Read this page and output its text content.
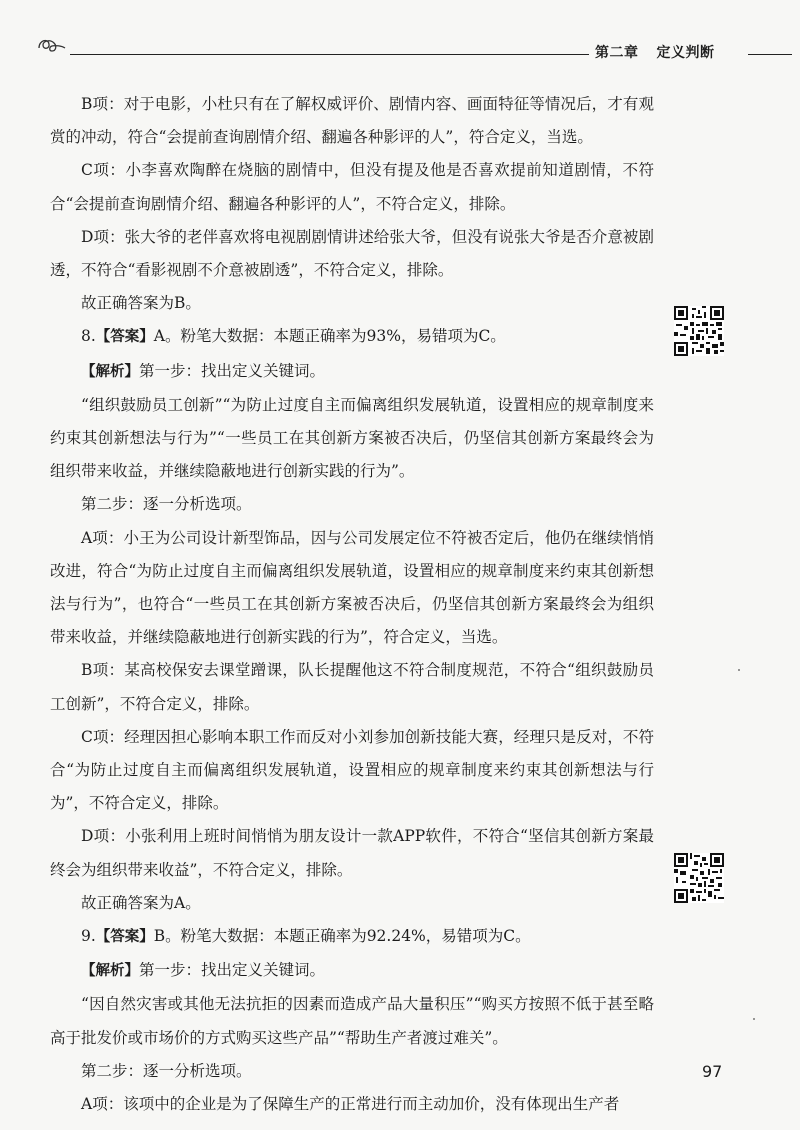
第二章 定义判断

B项：对于电影，小杜只有在了解权威评价、剧情内容、画面特征等情况后，才有观赏的冲动，符合“会提前查询剧情介绍、翻遍各种影评的人”，符合定义，当选。

C项：小李喜欢陶醉在烧脑的剧情中，但没有提及他是否喜欢提前知道剧情，不符合“会提前查询剧情介绍、翻遍各种影评的人”，不符合定义，排除。

D项：张大爷的老伴喜欢将电视剧剧情讲述给张大爷，但没有说张大爷是否介意被剧透，不符合“看影视剧不介意被剧透”，不符合定义，排除。

故正确答案为B。

8.【答案】A。粉笔大数据：本题正确率为93%，易错项为C。

【解析】第一步：找出定义关键词。

“组织鼓励员工创新”“为防止过度自主而偏离组织发展轨道，设置相应的规章制度来约束其创新想法与行为”“一些员工在其创新方案被否决后，仍坚信其创新方案最终会为组织带来收益，并继续隐蔽地进行创新实践的行为”。

第二步：逐一分析选项。

A项：小王为公司设计新型饰品，因与公司发展定位不符被否定后，他仍在继续悄悄改进，符合“为防止过度自主而偏离组织发展轨道，设置相应的规章制度来约束其创新想法与行为”，也符合“一些员工在其创新方案被否决后，仍坚信其创新方案最终会为组织带来收益，并继续隐蔽地进行创新实践的行为”，符合定义，当选。

B项：某高校保安去课堂蹭课，队长提醒他这不符合制度规范，不符合“组织鼓励员工创新”，不符合定义，排除。

C项：经理因担心影响本职工作而反对小刘参加创新技能大赛，经理只是反对，不符合“为防止过度自主而偏离组织发展轨道，设置相应的规章制度来约束其创新想法与行为”，不符合定义，排除。

D项：小张利用上班时间悄悄为朋友设计一款APP软件，不符合“坚信其创新方案最终会为组织带来收益”，不符合定义，排除。

故正确答案为A。

9.【答案】B。粉笔大数据：本题正确率为92.24%，易错项为C。

【解析】第一步：找出定义关键词。

“因自然灾害或其他无法抗拒的因素而造成产品大量积压”“购买方按照不低于甚至略高于批发价或市场价的方式购买这些产品”“帮助生产者渡过难关”。

第二步：逐一分析选项。

A项：该项中的企业是为了保障生产的正常进行而主动加价，没有体现出生产者

97
